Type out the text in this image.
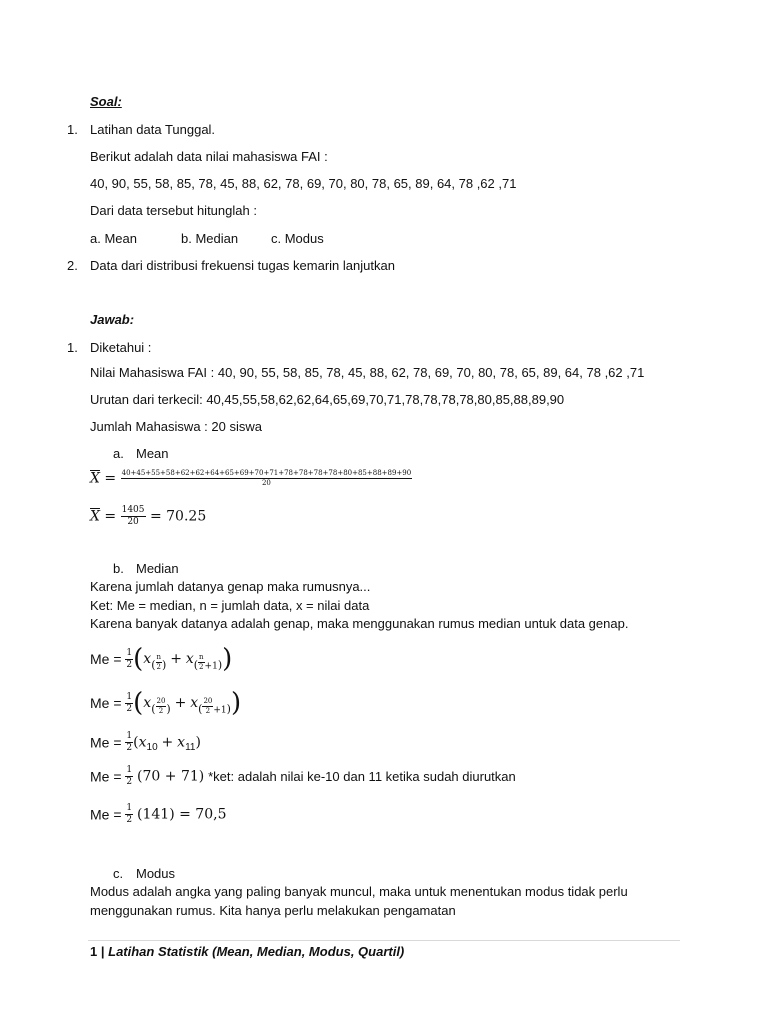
Soal:
1. Latihan data Tunggal.
Berikut adalah data nilai mahasiswa FAI :
40, 90, 55, 58, 85, 78, 45, 88, 62, 78, 69, 70, 80, 78, 65, 89, 64, 78 ,62 ,71
Dari data tersebut hitunglah :
a. Mean	b. Median	c. Modus
2. Data dari distribusi frekuensi tugas kemarin lanjutkan
Jawab:
1. Diketahui :
Nilai Mahasiswa FAI : 40, 90, 55, 58, 85, 78, 45, 88, 62, 78, 69, 70, 80, 78, 65, 89, 64, 78 ,62 ,71
Urutan dari terkecil: 40,45,55,58,62,62,64,65,69,70,71,78,78,78,78,80,85,88,89,90
Jumlah Mahasiswa : 20 siswa
a. Mean
$\overline{X} = \frac{40+45+55+58+62+62+64+65+69+70+71+78+78+78+78+80+85+88+89+90}{20}$
$\overline{X} = \frac{1405}{20} = 70.25$
b. Median
Karena jumlah datanya genap maka rumusnya...
Ket: Me = median, n = jumlah data, x = nilai data
Karena banyak datanya adalah genap, maka menggunakan rumus median untuk data genap.
$Me = \frac{1}{2} (x_( \frac{n}{2} _) + x_( \frac{n}{2} _{+1)})$
$Me = \frac{1}{2} (x_( \frac{20}{2} _) + x_( \frac{20}{2} _{+1)})$
$Me = \frac{1}{2} (x_{10} + x_{11})$
$Me = \frac{1}{2} (70 + 71)$ *ket: adalah nilai ke-10 dan 11 ketika sudah diurutkan
$Me = \frac{1}{2} (141) = 70,5$
c. Modus
Modus adalah angka yang paling banyak muncul, maka untuk menentukan modus tidak perlu
menggunakan rumus. Kita hanya perlu melakukan pengamatan
1 | Latihan Statistik (Mean, Median, Modus, Quartil)
